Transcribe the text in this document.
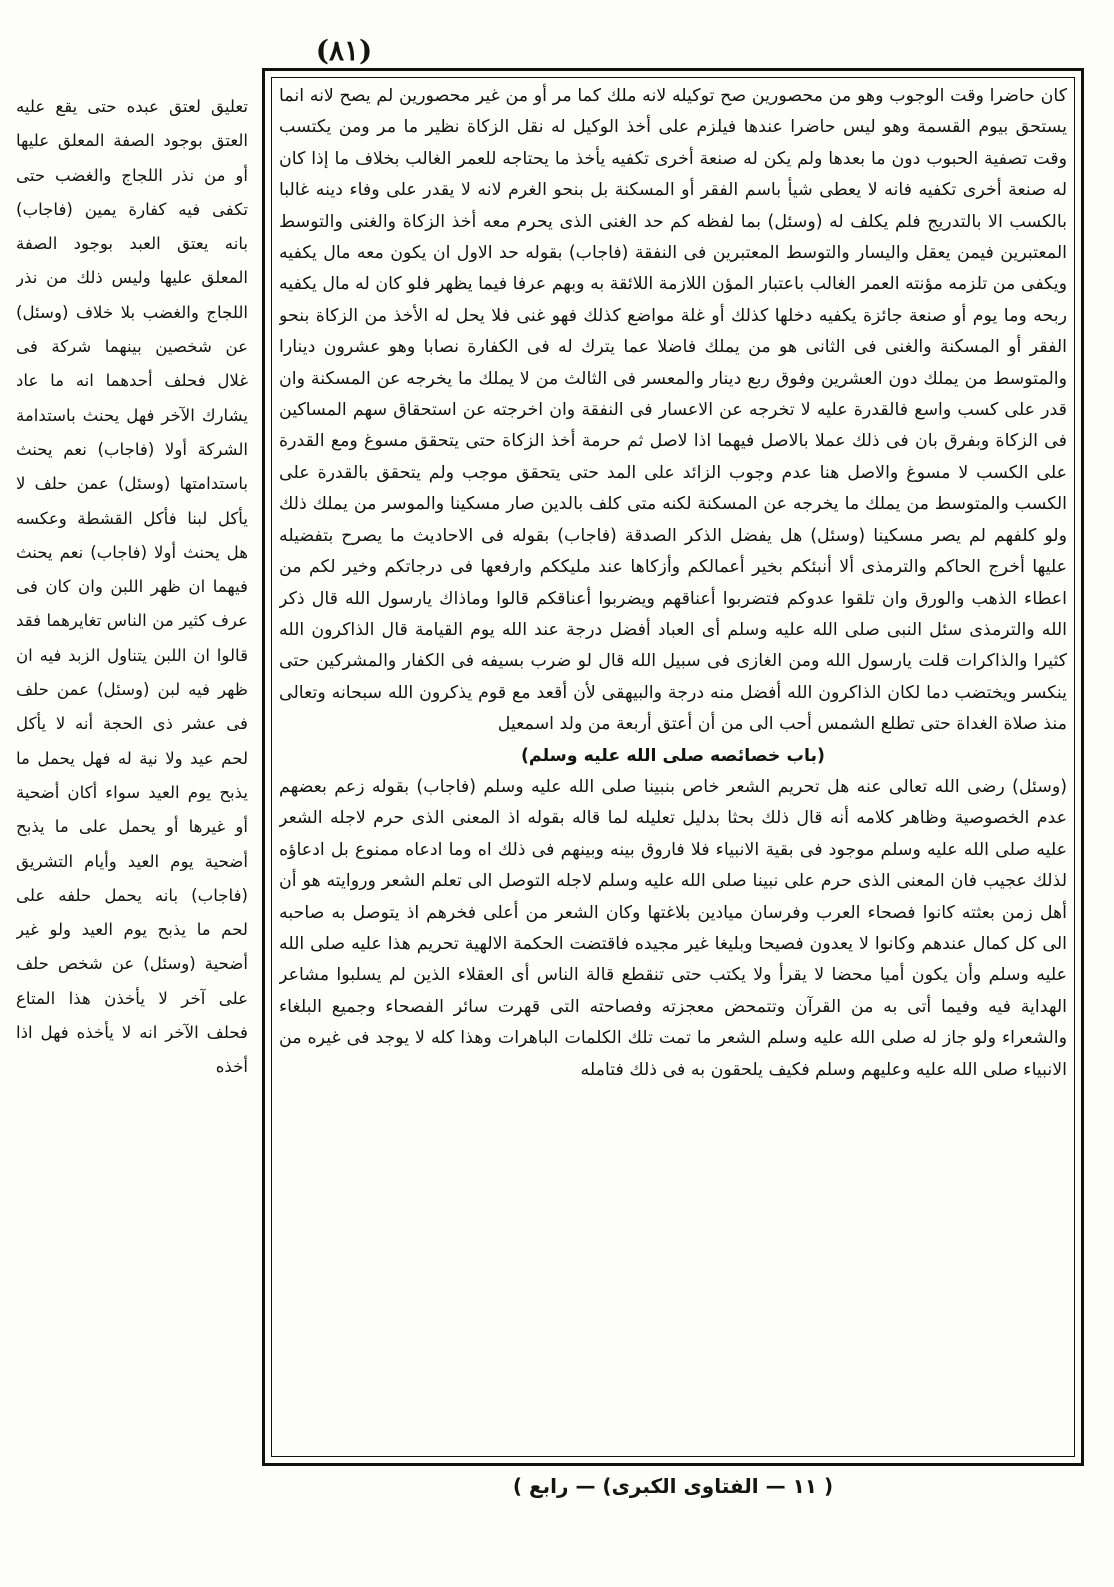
(٨١)

كان حاضرا وقت الوجوب وهو من محصورين صح توكيله لانه ملك كما مر أو من غير محصورين لم يصح لانه انما يستحق بيوم القسمة وهو ليس حاضرا عندها فيلزم على أخذ الوكيل له نقل الزكاة نظير ما مر ومن يكتسب وقت تصفية الحبوب دون ما بعدها ولم يكن له صنعة أخرى تكفيه يأخذ ما يحتاجه للعمر الغالب بخلاف ما إذا كان له صنعة أخرى تكفيه فانه لا يعطى شيأ باسم الفقر أو المسكنة بل بنحو الغرم لانه لا يقدر على وفاء دينه غالبا بالكسب الا بالتدريج فلم يكلف له (وسئل) بما لفظه كم حد الغنى الذى يحرم معه أخذ الزكاة والغنى والتوسط المعتبرين فيمن يعقل واليسار والتوسط المعتبرين فى النفقة (فاجاب) بقوله حد الاول ان يكون معه مال يكفيه ويكفى من تلزمه مؤنته العمر الغالب باعتبار المؤن اللازمة اللائقة به وبهم عرفا فيما يظهر فلو كان له مال يكفيه ربحه وما يوم أو صنعة جائزة يكفيه دخلها كذلك أو غلة مواضع كذلك فهو غنى فلا يحل له الأخذ من الزكاة بنحو الفقر أو المسكنة والغنى فى الثانى هو من يملك فاضلا عما يترك له فى الكفارة نصابا وهو عشرون دينارا والمتوسط من يملك دون العشرين وفوق ربع دينار والمعسر فى الثالث من لا يملك ما يخرجه عن المسكنة وان قدر على كسب واسع فالقدرة عليه لا تخرجه عن الاعسار فى النفقة وان اخرجته عن استحقاق سهم المساكين فى الزكاة وبفرق بان فى ذلك عملا بالاصل فيهما اذا لاصل ثم حرمة أخذ الزكاة حتى يتحقق مسوغ ومع القدرة على الكسب لا مسوغ والاصل هنا عدم وجوب الزائد على المد حتى يتحقق موجب ولم يتحقق بالقدرة على الكسب والمتوسط من يملك ما يخرجه عن المسكنة لكنه متى كلف بالدين صار مسكينا والموسر من يملك ذلك ولو كلفهم لم يصر مسكينا (وسئل) هل يفضل الذكر الصدقة (فاجاب) بقوله فى الاحاديث ما يصرح بتفضيله عليها أخرج الحاكم والترمذى ألا أنبئكم بخير أعمالكم وأزكاها عند مليككم وارفعها فى درجاتكم وخير لكم من اعطاء الذهب والورق وان تلقوا عدوكم فتضربوا أعناقهم ويضربوا أعناقكم قالوا وماذاك يارسول الله قال ذكر الله والترمذى سئل النبى صلى الله عليه وسلم أى العباد أفضل درجة عند الله يوم القيامة قال الذاكرون الله كثيرا والذاكرات قلت يارسول الله ومن الغازى فى سبيل الله قال لو ضرب بسيفه فى الكفار والمشركين حتى ينكسر ويختضب دما لكان الذاكرون الله أفضل منه درجة والبيهقى لأن أقعد مع قوم يذكرون الله سبحانه وتعالى منذ صلاة الغداة حتى تطلع الشمس أحب الى من أن أعتق أربعة من ولد اسمعيل

(باب خصائصه صلى الله عليه وسلم)

(وسئل) رضى الله تعالى عنه هل تحريم الشعر خاص بنبينا صلى الله عليه وسلم (فاجاب) بقوله زعم بعضهم عدم الخصوصية وظاهر كلامه أنه قال ذلك بحثا بدليل تعليله لما قاله بقوله اذ المعنى الذى حرم لاجله الشعر عليه صلى الله عليه وسلم موجود فى بقية الانبياء فلا فاروق بينه وبينهم فى ذلك اه وما ادعاه ممنوع بل ادعاؤه لذلك عجيب فان المعنى الذى حرم على نبينا صلى الله عليه وسلم لاجله التوصل الى تعلم الشعر وروايته هو أن أهل زمن بعثته كانوا فصحاء العرب وفرسان ميادين بلاغتها وكان الشعر من أعلى فخرهم اذ يتوصل به صاحبه الى كل كمال عندهم وكانوا لا يعدون فصيحا وبليغا غير مجيده فاقتضت الحكمة الالهية تحريم هذا عليه صلى الله عليه وسلم وأن يكون أميا محضا لا يقرأ ولا يكتب حتى تنقطع قالة الناس أى العقلاء الذين لم يسلبوا مشاعر الهداية فيه وفيما أتى به من القرآن وتتمحض معجزته وفصاحته التى قهرت سائر الفصحاء وجميع البلغاء والشعراء ولو جاز له صلى الله عليه وسلم الشعر ما تمت تلك الكلمات الباهرات وهذا كله لا يوجد فى غيره من الانبياء صلى الله عليه وعليهم وسلم فكيف يلحقون به فى ذلك فتامله

تعليق لعتق عبده حتى يقع عليه العتق بوجود الصفة المعلق عليها أو من نذر اللجاج والغضب حتى تكفى فيه كفارة يمين (فاجاب) بانه يعتق العبد بوجود الصفة المعلق عليها وليس ذلك من نذر اللجاج والغضب بلا خلاف (وسئل) عن شخصين بينهما شركة فى غلال فحلف أحدهما انه ما عاد يشارك الآخر فهل يحنث باستدامة الشركة أولا (فاجاب) نعم يحنث باستدامتها (وسئل) عمن حلف لا يأكل لبنا فأكل القشطة وعكسه هل يحنث أولا (فاجاب) نعم يحنث فيهما ان ظهر اللبن وان كان فى عرف كثير من الناس تغايرهما فقد قالوا ان اللبن يتناول الزبد فيه ان ظهر فيه لبن (وسئل) عمن حلف فى عشر ذى الحجة أنه لا يأكل لحم عيد ولا نية له فهل يحمل ما يذبح يوم العيد سواء أكان أضحية أو غيرها أو يحمل على ما يذبح أضحية يوم العيد وأيام التشريق (فاجاب) بانه يحمل حلفه على لحم ما يذبح يوم العيد ولو غير أضحية (وسئل) عن شخص حلف على آخر لا يأخذن هذا المتاع فحلف الآخر انه لا يأخذه فهل اذا أخذه

( ١١ — الفتاوى الكبرى) — رابع )
